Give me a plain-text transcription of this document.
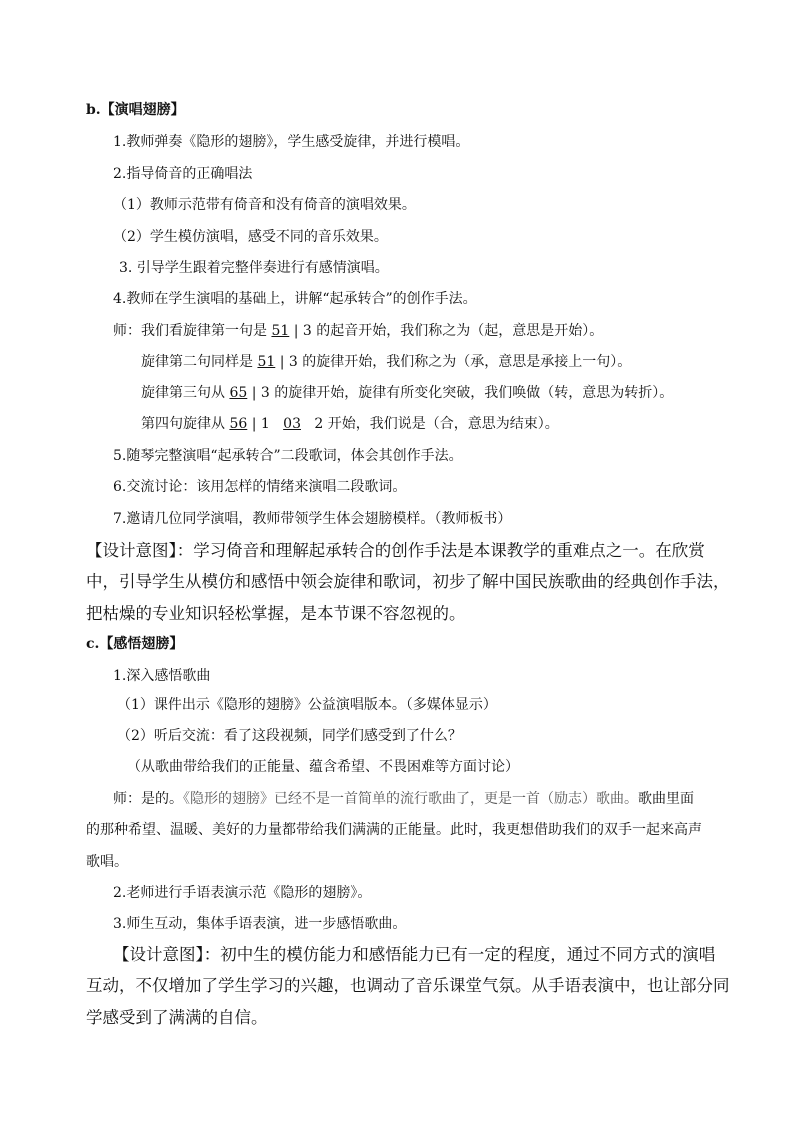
b.【演唱翅膀】
1.教师弹奏《隐形的翅膀》，学生感受旋律，并进行模唱。
2.指导倚音的正确唱法
（1）教师示范带有倚音和没有倚音的演唱效果。
（2）学生模仿演唱，感受不同的音乐效果。
3. 引导学生跟着完整伴奏进行有感情演唱。
4.教师在学生演唱的基础上，讲解“起承转合”的创作手法。
师：我们看旋律第一句是 51 | 3 的起音开始，我们称之为（起，意思是开始）。
旋律第二句同样是 51 | 3 的旋律开始，我们称之为（承，意思是承接上一句）。
旋律第三句从 65 | 3 的旋律开始，旋律有所变化突破，我们唤做（转，意思为转折）。
第四句旋律从 56 | 1   03   2 开始，我们说是（合，意思为结束）。
5.随琴完整演唱“起承转合”二段歌词，体会其创作手法。
6.交流讨论：该用怎样的情绪来演唱二段歌词。
7.邀请几位同学演唱，教师带领学生体会翅膀模样。（教师板书）
【设计意图】：学习倚音和理解起承转合的创作手法是本课教学的重难点之一。在欣赏
中，引导学生从模仿和感悟中领会旋律和歌词，初步了解中国民族歌曲的经典创作手法，
把枯燥的专业知识轻松掌握，是本节课不容忽视的。
c.【感悟翅膀】
1.深入感悟歌曲
（1）课件出示《隐形的翅膀》公益演唱版本。（多媒体显示）
（2）听后交流：看了这段视频，同学们感受到了什么？
（从歌曲带给我们的正能量、蕴含希望、不畏困难等方面讨论）
师：是的。《隐形的翅膀》已经不是一首简单的流行歌曲了，更是一首（励志）歌曲。歌曲里面
的那种希望、温暖、美好的力量都带给我们满满的正能量。此时，我更想借助我们的双手一起来高声
歌唱。
2.老师进行手语表演示范《隐形的翅膀》。
3.师生互动，集体手语表演，进一步感悟歌曲。
【设计意图】：初中生的模仿能力和感悟能力已有一定的程度，通过不同方式的演唱
互动，不仅增加了学生学习的兴趣，也调动了音乐课堂气氛。从手语表演中，也让部分同
学感受到了满满的自信。
